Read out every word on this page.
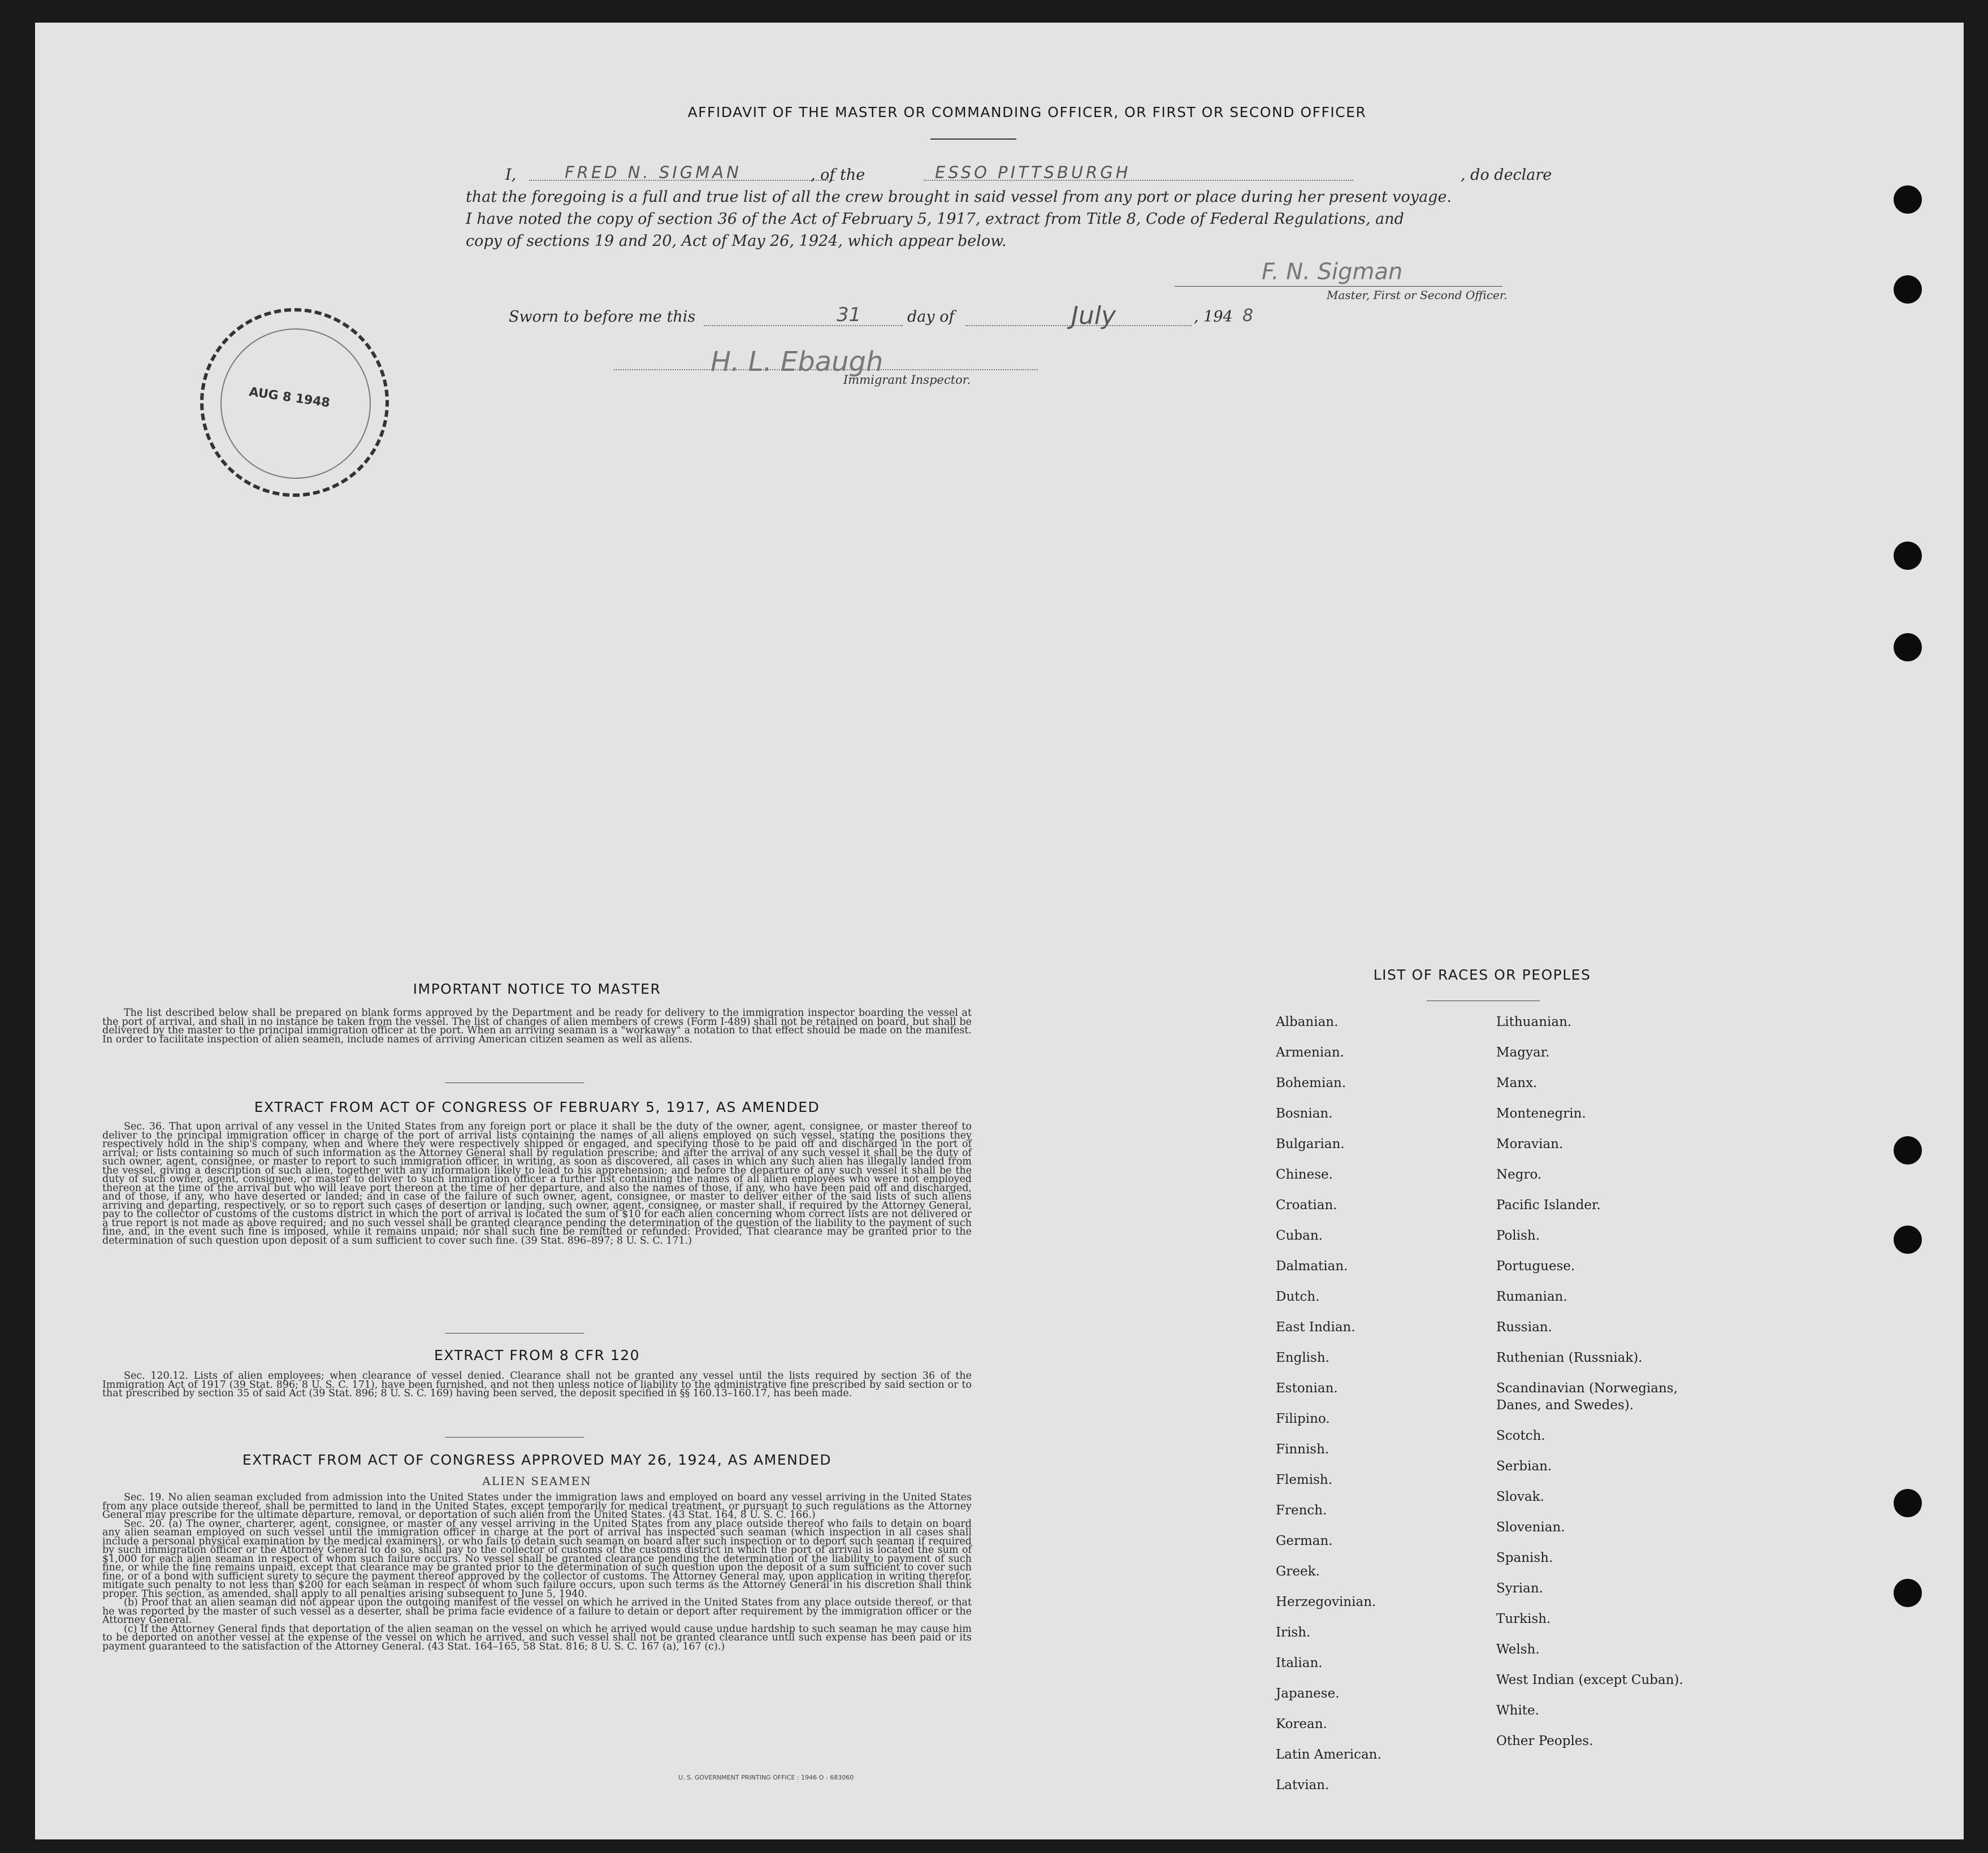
AFFIDAVIT OF THE MASTER OR COMMANDING OFFICER, OR FIRST OR SECOND OFFICER
I,	FRED N. SIGMAN	, of the	ESSO PITTSBURGH	, do declare
that the foregoing is a full and true list of all the crew brought in said vessel from any port or place during her present voyage.
I have noted the copy of section 36 of the Act of February 5, 1917, extract from Title 8, Code of Federal Regulations, and
copy of sections 19 and 20, Act of May 26, 1924, which appear below.
F. N. Sigman
Master, First or Second Officer.
Sworn to before me this	31	day of	July	, 194 8
H. L. Ebaugh
Immigrant Inspector.
AUG 8 1948
IMPORTANT NOTICE TO MASTER

The list described below shall be prepared on blank forms approved by the Department and be ready for delivery to the immigration inspector boarding the vessel at the port of arrival, and shall in no instance be taken from the vessel. The list of changes of alien members of crews (Form I-489) shall not be retained on board, but shall be delivered by the master to the principal immigration officer at the port. When an arriving seaman is a "workaway" a notation to that effect should be made on the manifest. In order to facilitate inspection of alien seamen, include names of arriving American citizen seamen as well as aliens.

EXTRACT FROM ACT OF CONGRESS OF FEBRUARY 5, 1917, AS AMENDED

Sec. 36. That upon arrival of any vessel in the United States from any foreign port or place it shall be the duty of the owner, agent, consignee, or master thereof to deliver to the principal immigration officer in charge of the port of arrival lists containing the names of all aliens employed on such vessel, stating the positions they respectively hold in the ship's company, when and where they were respectively shipped or engaged, and specifying those to be paid off and discharged in the port of arrival; or lists containing so much of such information as the Attorney General shall by regulation prescribe; and after the arrival of any such vessel it shall be the duty of such owner, agent, consignee, or master to report to such immigration officer, in writing, as soon as discovered, all cases in which any such alien has illegally landed from the vessel, giving a description of such alien, together with any information likely to lead to his apprehension; and before the departure of any such vessel it shall be the duty of such owner, agent, consignee, or master to deliver to such immigration officer a further list containing the names of all alien employees who were not employed thereon at the time of the arrival but who will leave port thereon at the time of her departure, and also the names of those, if any, who have been paid off and discharged, and of those, if any, who have deserted or landed; and in case of the failure of such owner, agent, consignee, or master to deliver either of the said lists of such aliens arriving and departing, respectively, or so to report such cases of desertion or landing, such owner, agent, consignee, or master shall, if required by the Attorney General, pay to the collector of customs of the customs district in which the port of arrival is located the sum of $10 for each alien concerning whom correct lists are not delivered or a true report is not made as above required; and no such vessel shall be granted clearance pending the determination of the question of the liability to the payment of such fine, and, in the event such fine is imposed, while it remains unpaid; nor shall such fine be remitted or refunded: Provided, That clearance may be granted prior to the determination of such question upon deposit of a sum sufficient to cover such fine. (39 Stat. 896–897; 8 U. S. C. 171.)

EXTRACT FROM 8 CFR 120

Sec. 120.12. Lists of alien employees; when clearance of vessel denied. Clearance shall not be granted any vessel until the lists required by section 36 of the Immigration Act of 1917 (39 Stat. 896; 8 U. S. C. 171), have been furnished, and not then unless notice of liability to the administrative fine prescribed by said section or to that prescribed by section 35 of said Act (39 Stat. 896; 8 U. S. C. 169) having been served, the deposit specified in §§ 160.13–160.17, has been made.

EXTRACT FROM ACT OF CONGRESS APPROVED MAY 26, 1924, AS AMENDED
ALIEN SEAMEN

Sec. 19. No alien seaman excluded from admission into the United States under the immigration laws and employed on board any vessel arriving in the United States from any place outside thereof, shall be permitted to land in the United States, except temporarily for medical treatment, or pursuant to such regulations as the Attorney General may prescribe for the ultimate departure, removal, or deportation of such alien from the United States. (43 Stat. 164, 8 U. S. C. 166.)

Sec. 20. (a) The owner, charterer, agent, consignee, or master of any vessel arriving in the United States from any place outside thereof who fails to detain on board any alien seaman employed on such vessel until the immigration officer in charge at the port of arrival has inspected such seaman (which inspection in all cases shall include a personal physical examination by the medical examiners), or who fails to detain such seaman on board after such inspection or to deport such seaman if required by such immigration officer or the Attorney General to do so, shall pay to the collector of customs of the customs district in which the port of arrival is located the sum of $1,000 for each alien seaman in respect of whom such failure occurs. No vessel shall be granted clearance pending the determination of the liability to payment of such fine, or while the fine remains unpaid, except that clearance may be granted prior to the determination of such question upon the deposit of a sum sufficient to cover such fine, or of a bond with sufficient surety to secure the payment thereof approved by the collector of customs. The Attorney General may, upon application in writing therefor, mitigate such penalty to not less than $200 for each seaman in respect of whom such failure occurs, upon such terms as the Attorney General in his discretion shall think proper. This section, as amended, shall apply to all penalties arising subsequent to June 5, 1940.

(b) Proof that an alien seaman did not appear upon the outgoing manifest of the vessel on which he arrived in the United States from any place outside thereof, or that he was reported by the master of such vessel as a deserter, shall be prima facie evidence of a failure to detain or deport after requirement by the immigration officer or the Attorney General.

(c) If the Attorney General finds that deportation of the alien seaman on the vessel on which he arrived would cause undue hardship to such seaman he may cause him to be deported on another vessel at the expense of the vessel on which he arrived, and such vessel shall not be granted clearance until such expense has been paid or its payment guaranteed to the satisfaction of the Attorney General. (43 Stat. 164–165, 58 Stat. 816; 8 U. S. C. 167 (a), 167 (c).)

U. S. GOVERNMENT PRINTING OFFICE : 1946 O - 683060
LIST OF RACES OR PEOPLES
Albanian.
Armenian.
Bohemian.
Bosnian.
Bulgarian.
Chinese.
Croatian.
Cuban.
Dalmatian.
Dutch.
East Indian.
English.
Estonian.
Filipino.
Finnish.
Flemish.
French.
German.
Greek.
Herzegovinian.
Irish.
Italian.
Japanese.
Korean.
Latin American.
Latvian.
Lithuanian.
Magyar.
Manx.
Montenegrin.
Moravian.
Negro.
Pacific Islander.
Polish.
Portuguese.
Rumanian.
Russian.
Ruthenian (Russniak).
Scandinavian (Norwegians, Danes, and Swedes).
Scotch.
Serbian.
Slovak.
Slovenian.
Spanish.
Syrian.
Turkish.
Welsh.
West Indian (except Cuban).
White.
Other Peoples.
